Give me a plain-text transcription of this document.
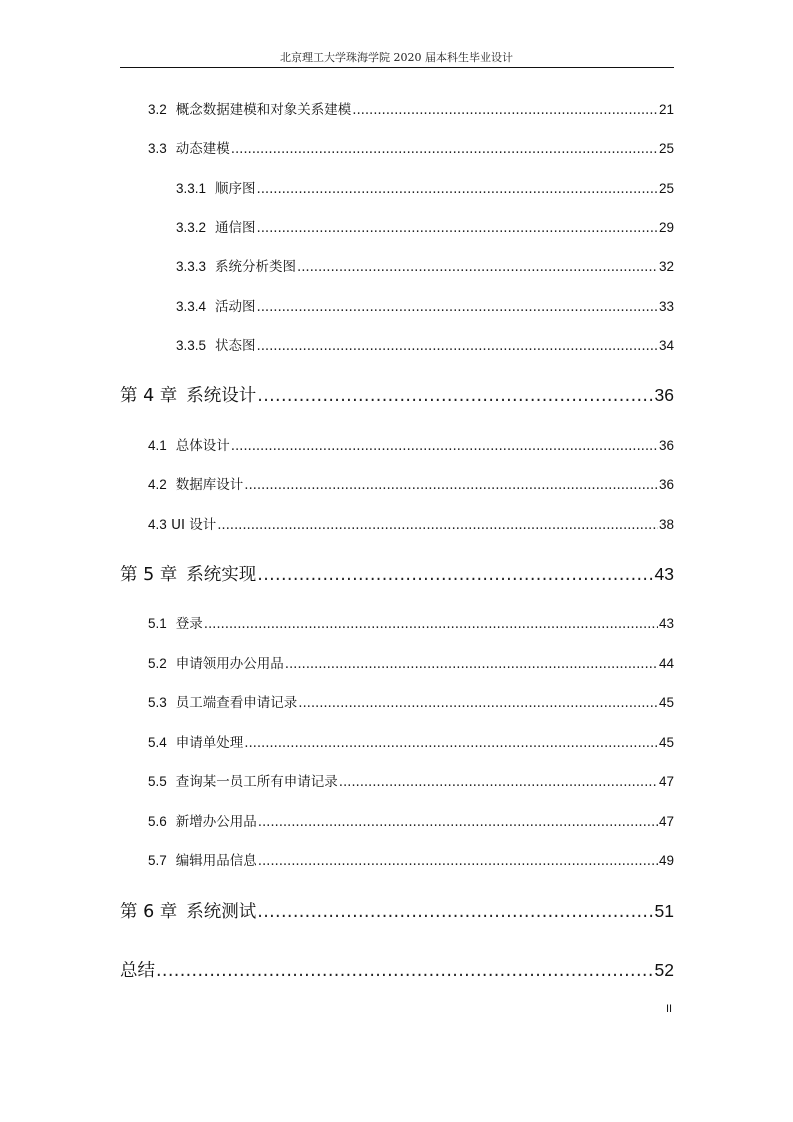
北京理工大学珠海学院 2020 届本科生毕业设计
3.2 概念数据建模和对象关系建模 . . .	21
3.3 动态建模 . . .	25
3.3.1 顺序图 . . .	25
3.3.2 通信图 . . .	29
3.3.3 系统分析类图 . . .	32
3.3.4 活动图 . . .	33
3.3.5 状态图 . . .	34
第 4 章 系统设计 . . .	36
4.1 总体设计 . . .	36
4.2 数据库设计 . . .	36
4.3 UI 设计 . . .	38
第 5 章 系统实现 . . .	43
5.1 登录 . . .	43
5.2 申请领用办公用品 . . .	44
5.3 员工端查看申请记录 . . .	45
5.4 申请单处理 . . .	45
5.5 查询某一员工所有申请记录 . . .	47
5.6 新增办公用品 . . .	47
5.7 编辑用品信息 . . .	49
第 6 章 系统测试 . . .	51
总结 . . .	52
II
